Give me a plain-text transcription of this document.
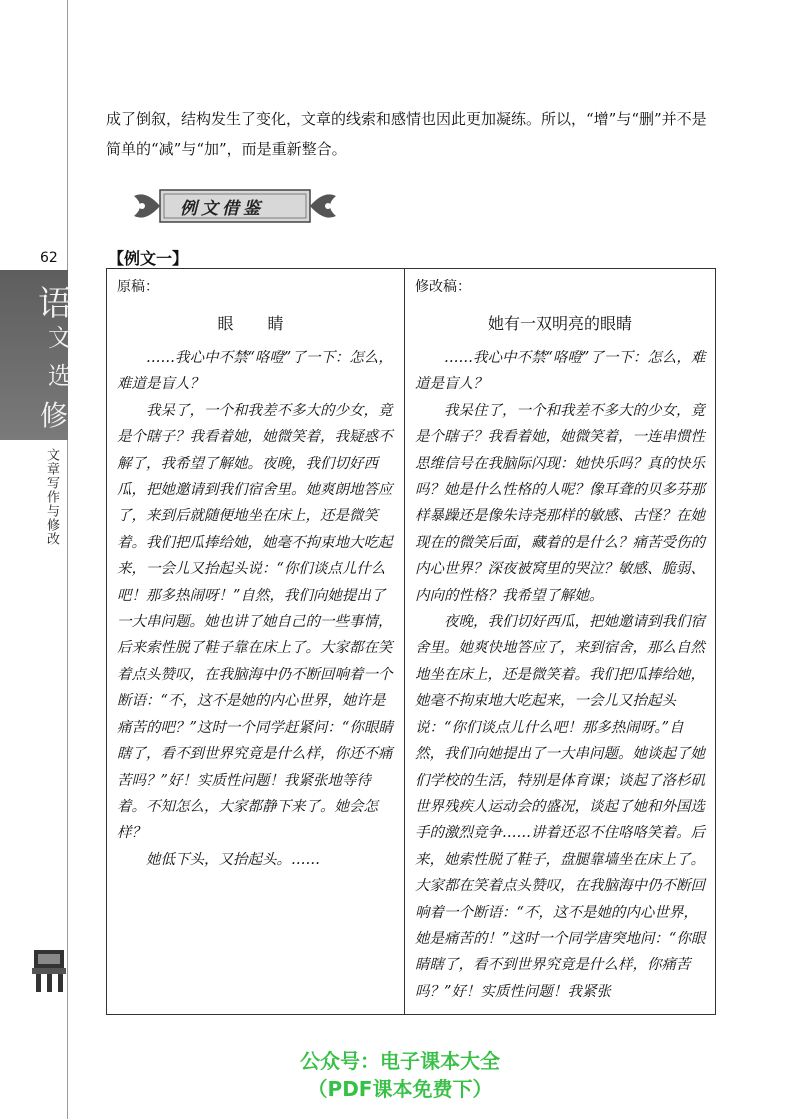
62
语
文
选
修
文章写作与修改

成了倒叙，结构发生了变化，文章的线索和感情也因此更加凝练。所以，“增”与“删”并不是简单的“减”与“加”，而是重新整合。

例文借鉴
【例文一】
原稿：
眼睛

……我心中不禁“咯噔”了一下：怎么，难道是盲人？

我呆了，一个和我差不多大的少女，竟是个瞎子？我看着她，她微笑着，我疑惑不解了，我希望了解她。夜晚，我们切好西瓜，把她邀请到我们宿舍里。她爽朗地答应了，来到后就随便地坐在床上，还是微笑着。我们把瓜捧给她，她毫不拘束地大吃起来，一会儿又抬起头说：“你们谈点儿什么吧！那多热闹呀！”自然，我们向她提出了一大串问题。她也讲了她自己的一些事情，后来索性脱了鞋子靠在床上了。大家都在笑着点头赞叹，在我脑海中仍不断回响着一个断语：“不，这不是她的内心世界，她许是痛苦的吧？”这时一个同学赶紧问：“你眼睛瞎了，看不到世界究竟是什么样，你还不痛苦吗？”好！实质性问题！我紧张地等待着。不知怎么，大家都静下来了。她会怎样？

她低下头，又抬起头。……

修改稿：
她有一双明亮的眼睛

……我心中不禁“咯噔”了一下：怎么，难道是盲人？

我呆住了，一个和我差不多大的少女，竟是个瞎子？我看着她，她微笑着，一连串惯性思维信号在我脑际闪现：她快乐吗？真的快乐吗？她是什么性格的人呢？像耳聋的贝多芬那样暴躁还是像朱诗尧那样的敏感、古怪？在她现在的微笑后面，藏着的是什么？痛苦受伤的内心世界？深夜被窝里的哭泣？敏感、脆弱、内向的性格？我希望了解她。

夜晚，我们切好西瓜，把她邀请到我们宿舍里。她爽快地答应了，来到宿舍，那么自然地坐在床上，还是微笑着。我们把瓜捧给她，她毫不拘束地大吃起来，一会儿又抬起头说：“你们谈点儿什么吧！那多热闹呀。”自然，我们向她提出了一大串问题。她谈起了她们学校的生活，特别是体育课；谈起了洛杉矶世界残疾人运动会的盛况，谈起了她和外国选手的激烈竞争……讲着还忍不住咯咯笑着。后来，她索性脱了鞋子，盘腿靠墙坐在床上了。大家都在笑着点头赞叹，在我脑海中仍不断回响着一个断语：“不，这不是她的内心世界，她是痛苦的！”这时一个同学唐突地问：“你眼睛瞎了，看不到世界究竟是什么样，你痛苦吗？”好！实质性问题！我紧张

公众号：电子课本大全
（PDF课本免费下）
